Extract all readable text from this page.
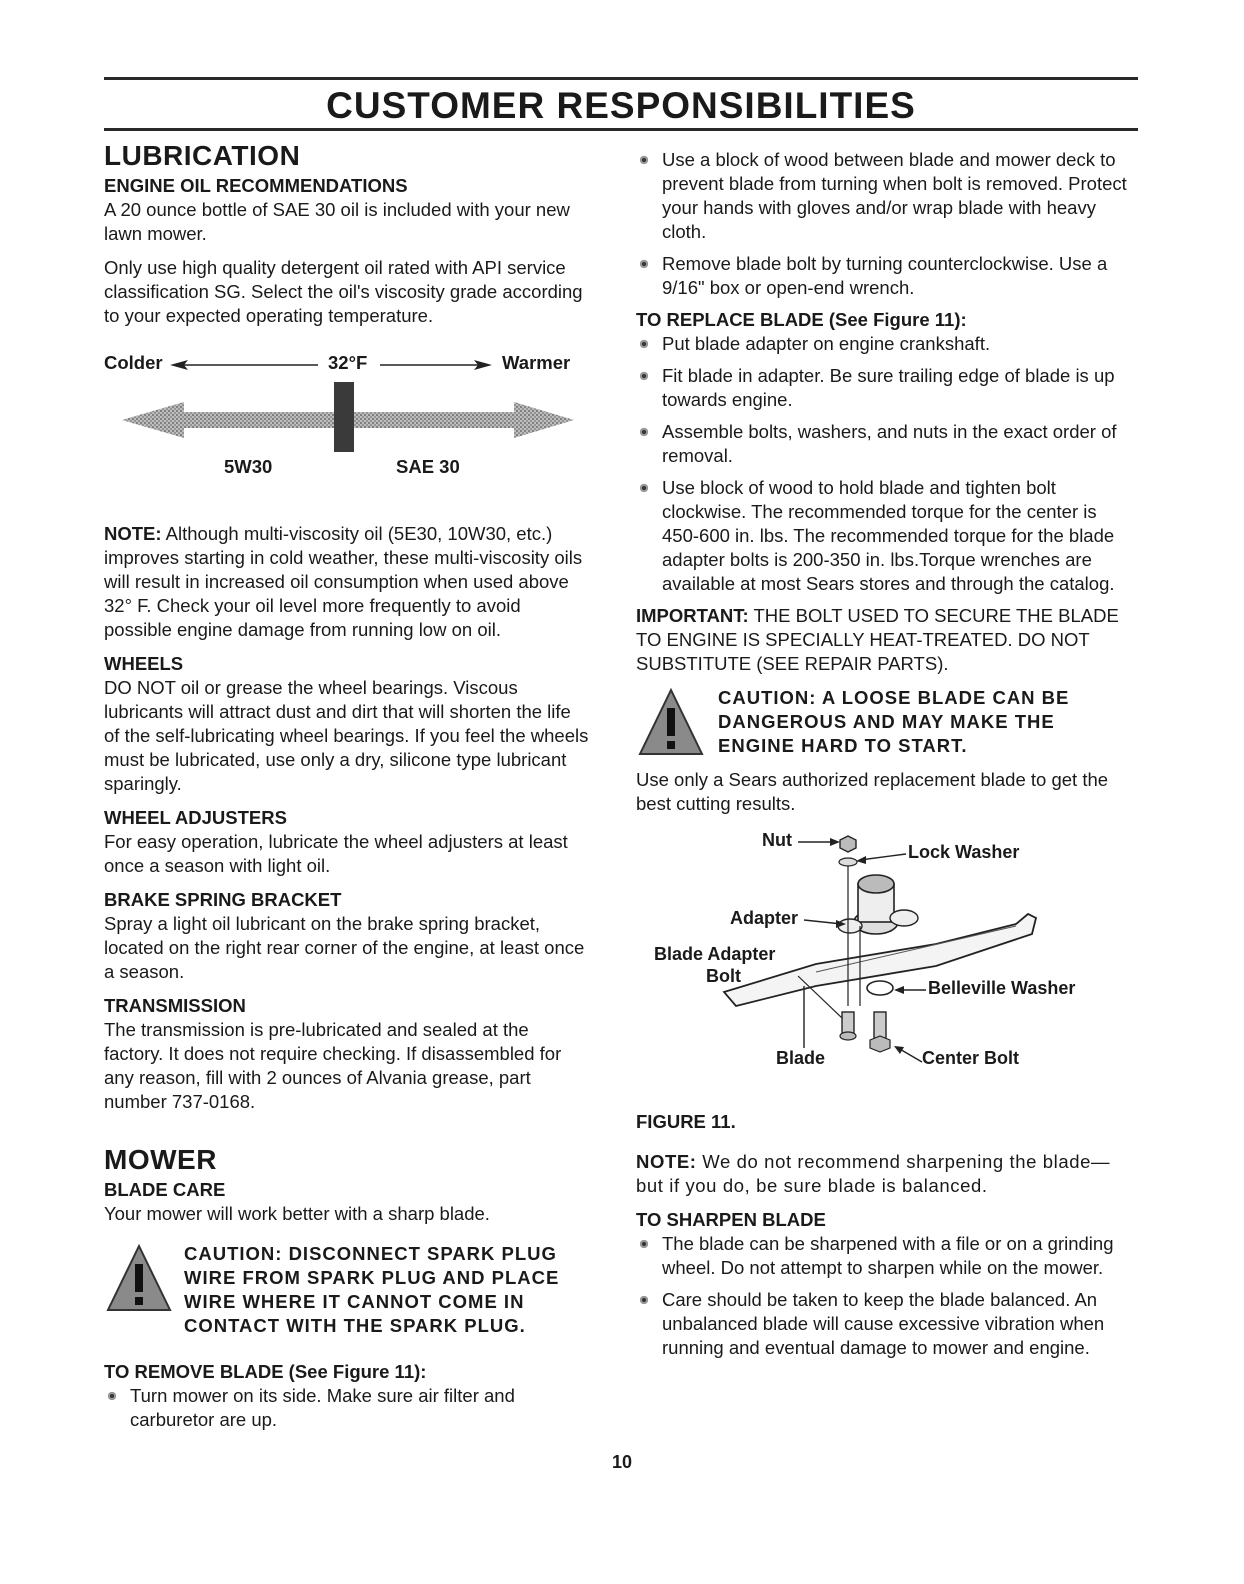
CUSTOMER RESPONSIBILITIES
LUBRICATION
ENGINE OIL RECOMMENDATIONS

A 20 ounce bottle of SAE 30 oil is included with your new lawn mower.

Only use high quality detergent oil rated with API service classification SG. Select the oil's viscosity grade according to your expected operating temperature.

Colder	32°F	Warmer
5W30	SAE 30

NOTE: Although multi-viscosity oil (5E30, 10W30, etc.) improves starting in cold weather, these multi-viscosity oils will result in increased oil consumption when used above 32° F. Check your oil level more frequently to avoid possible engine damage from running low on oil.

WHEELS

DO NOT oil or grease the wheel bearings. Viscous lubricants will attract dust and dirt that will shorten the life of the self-lubricating wheel bearings. If you feel the wheels must be lubricated, use only a dry, silicone type lubricant sparingly.

WHEEL ADJUSTERS

For easy operation, lubricate the wheel adjusters at least once a season with light oil.

BRAKE SPRING BRACKET

Spray a light oil lubricant on the brake spring bracket, located on the right rear corner of the engine, at least once a season.

TRANSMISSION

The transmission is pre-lubricated and sealed at the factory. It does not require checking. If disassembled for any reason, fill with 2 ounces of Alvania grease, part number 737-0168.

MOWER
BLADE CARE

Your mower will work better with a sharp blade.

CAUTION: DISCONNECT SPARK PLUG WIRE FROM SPARK PLUG AND PLACE WIRE WHERE IT CANNOT COME IN CONTACT WITH THE SPARK PLUG.
TO REMOVE BLADE (See Figure 11):
Turn mower on its side. Make sure air filter and carburetor are up.
Use a block of wood between blade and mower deck to prevent blade from turning when bolt is removed. Protect your hands with gloves and/or wrap blade with heavy cloth.
Remove blade bolt by turning counterclockwise. Use a 9/16" box or open-end wrench.
TO REPLACE BLADE (See Figure 11):
Put blade adapter on engine crankshaft.
Fit blade in adapter. Be sure trailing edge of blade is up towards engine.
Assemble bolts, washers, and nuts in the exact order of removal.
Use block of wood to hold blade and tighten bolt clockwise. The recommended torque for the center is 450-600 in. lbs. The recommended torque for the blade adapter bolts is 200-350 in. lbs.Torque wrenches are available at most Sears stores and through the catalog.

IMPORTANT: THE BOLT USED TO SECURE THE BLADE TO ENGINE IS SPECIALLY HEAT-TREATED. DO NOT SUBSTITUTE (SEE REPAIR PARTS).

CAUTION: A LOOSE BLADE CAN BE DANGEROUS AND MAY MAKE THE ENGINE HARD TO START.

Use only a Sears authorized replacement blade to get the best cutting results.

Nut
Lock Washer
Adapter
Blade Adapter
Bolt
Belleville Washer
Blade	Center Bolt
FIGURE 11.

NOTE: We do not recommend sharpening the blade—but if you do, be sure blade is balanced.

TO SHARPEN BLADE
The blade can be sharpened with a file or on a grinding wheel. Do not attempt to sharpen while on the mower.
Care should be taken to keep the blade balanced. An unbalanced blade will cause excessive vibration when running and eventual damage to mower and engine.
10
